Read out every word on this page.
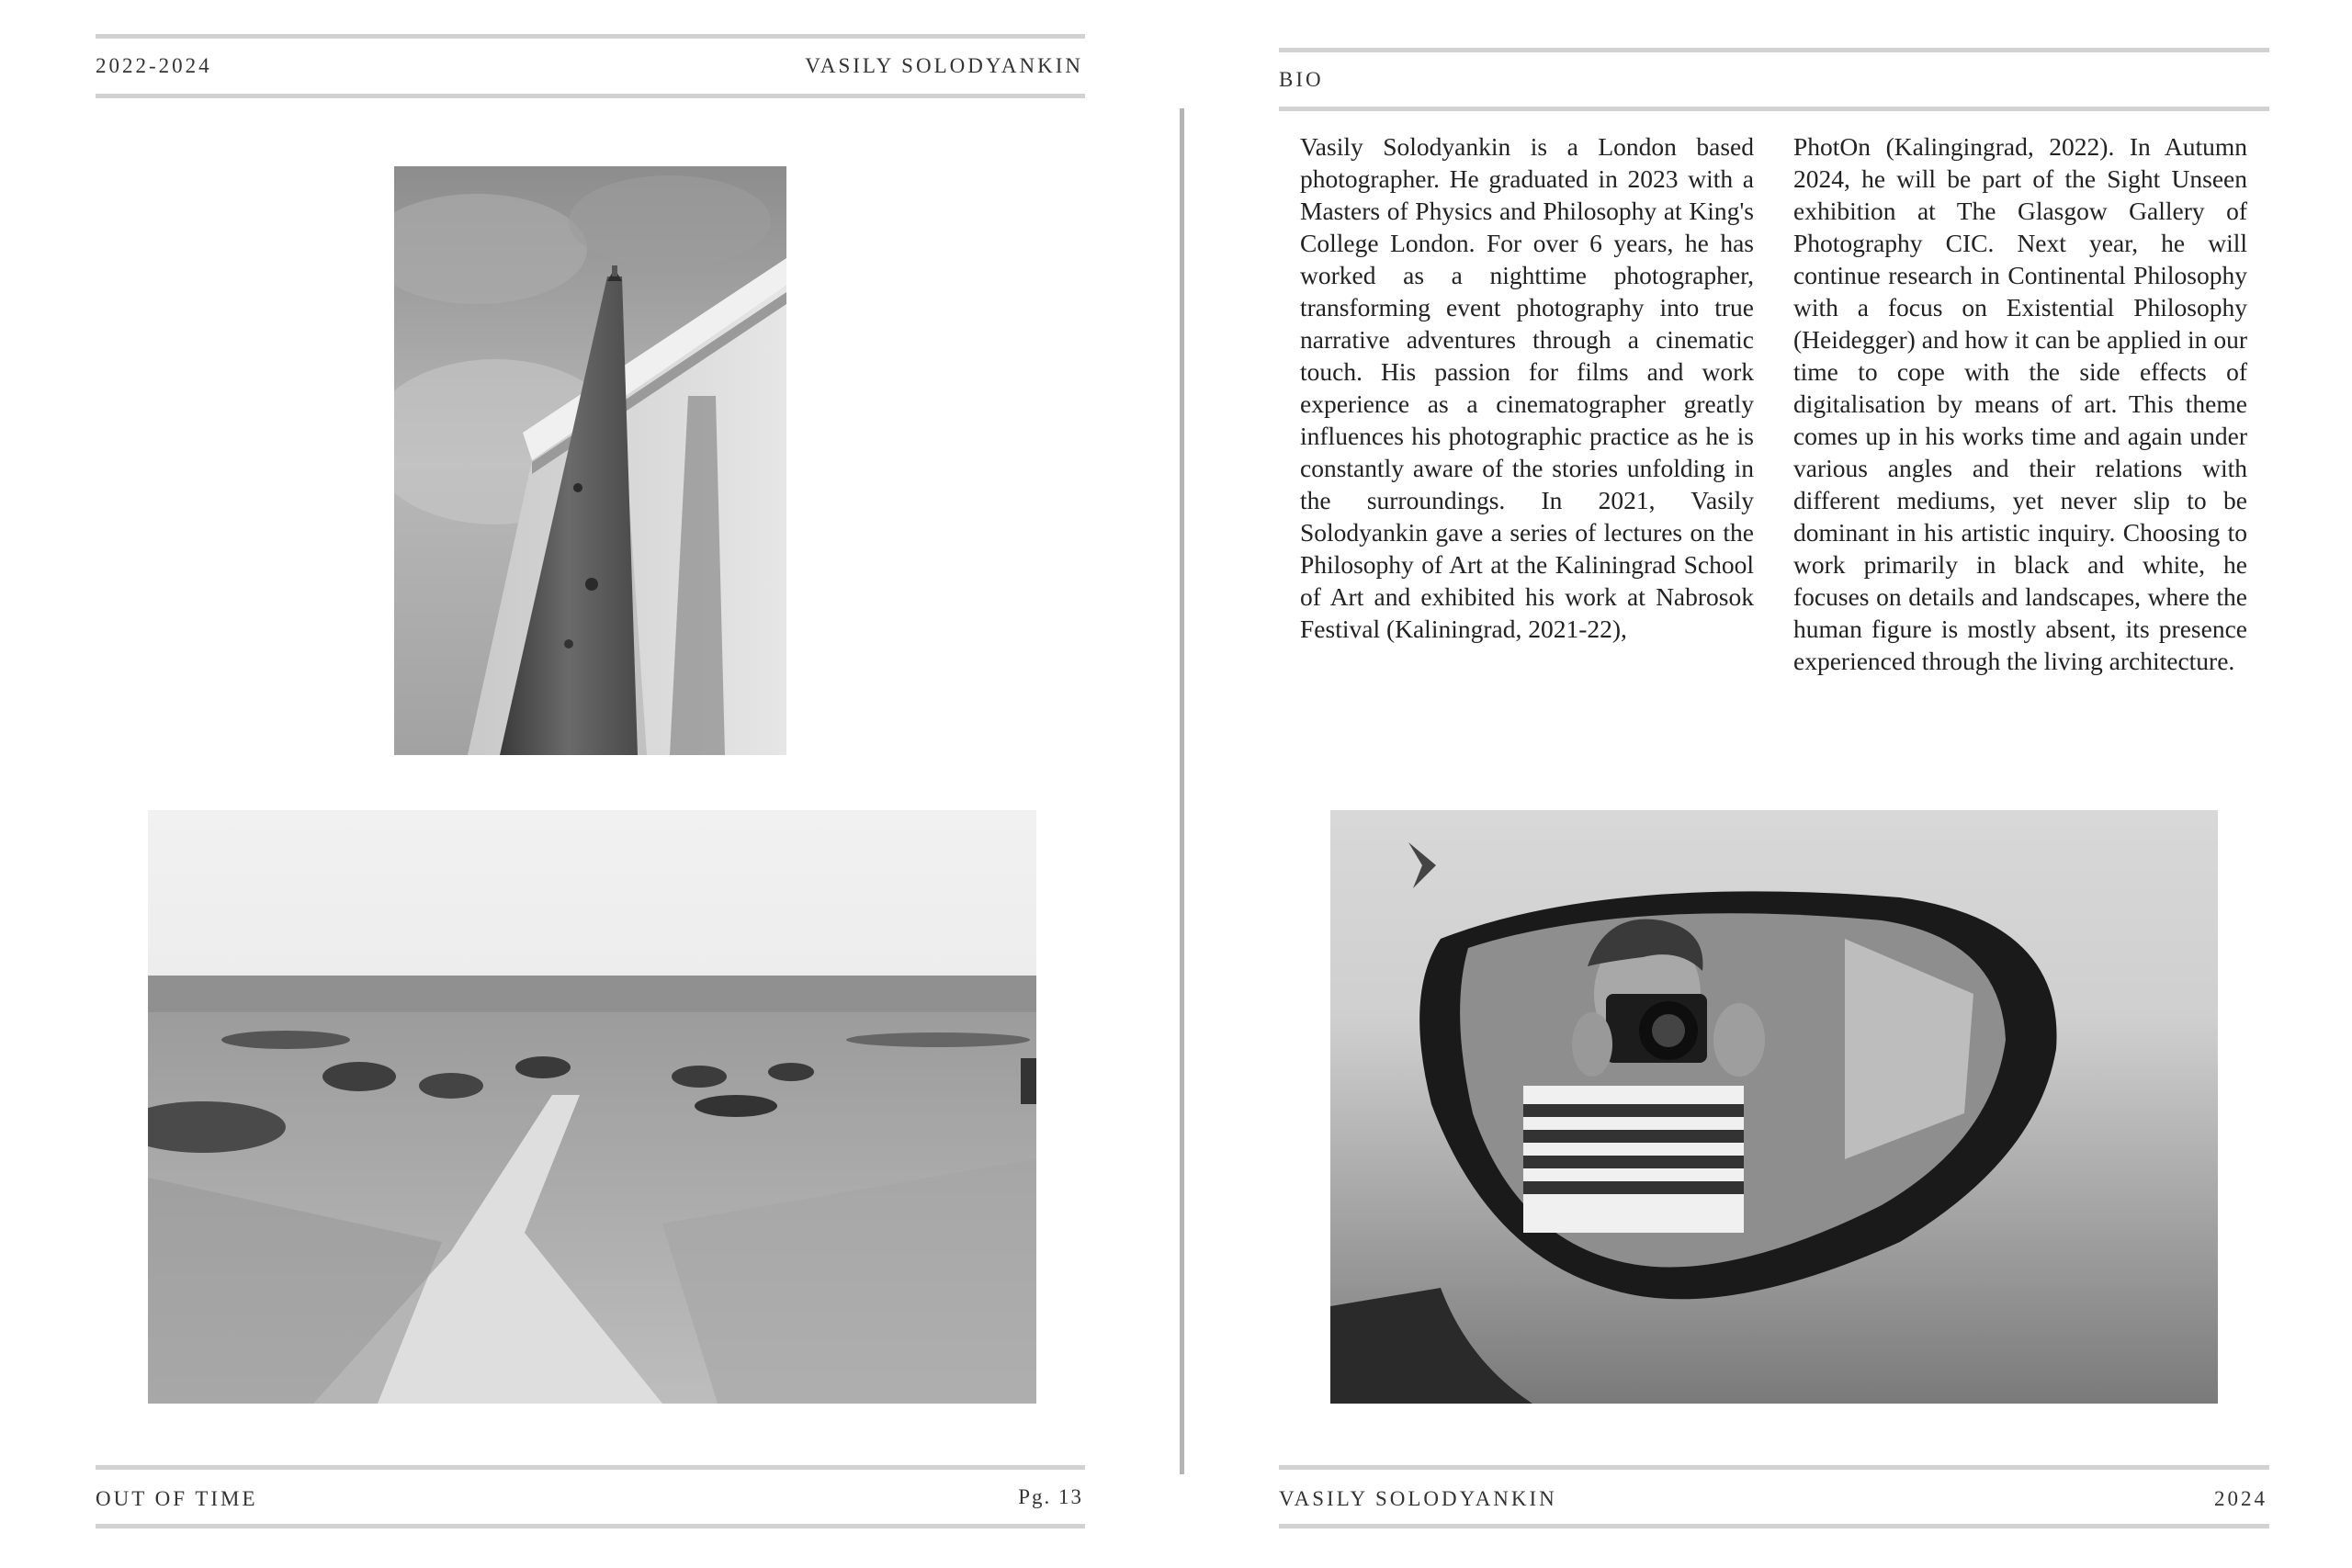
2022-2024	VASILY SOLODYANKIN
OUT OF TIME	Pg. 13
BIO
Vasily Solodyankin is a London based photographer. He graduated in 2023 with a Masters of Physics and Philosophy at King's College London. For over 6 years, he has worked as a nighttime photographer, transforming event photography into true narrative adventures through a cinematic touch. His passion for films and work experience as a cinematographer greatly influences his photographic practice as he is constantly aware of the stories unfolding in the surroundings. In 2021, Vasily Solodyankin gave a series of lectures on the Philosophy of Art at the Kaliningrad School of Art and exhibited his work at Nabrosok Festival (Kaliningrad, 2021-22),
PhotOn (Kalingingrad, 2022). In Autumn 2024, he will be part of the Sight Unseen exhibition at The Glasgow Gallery of Photography CIC. Next year, he will continue research in Continental Philosophy with a focus on Existential Philosophy (Heidegger) and how it can be applied in our time to cope with the side effects of digitalisation by means of art. This theme comes up in his works time and again under various angles and their relations with different mediums, yet never slip to be dominant in his artistic inquiry. Choosing to work primarily in black and white, he focuses on details and landscapes, where the human figure is mostly absent, its presence experienced through the living architecture.
VASILY SOLODYANKIN	2024
